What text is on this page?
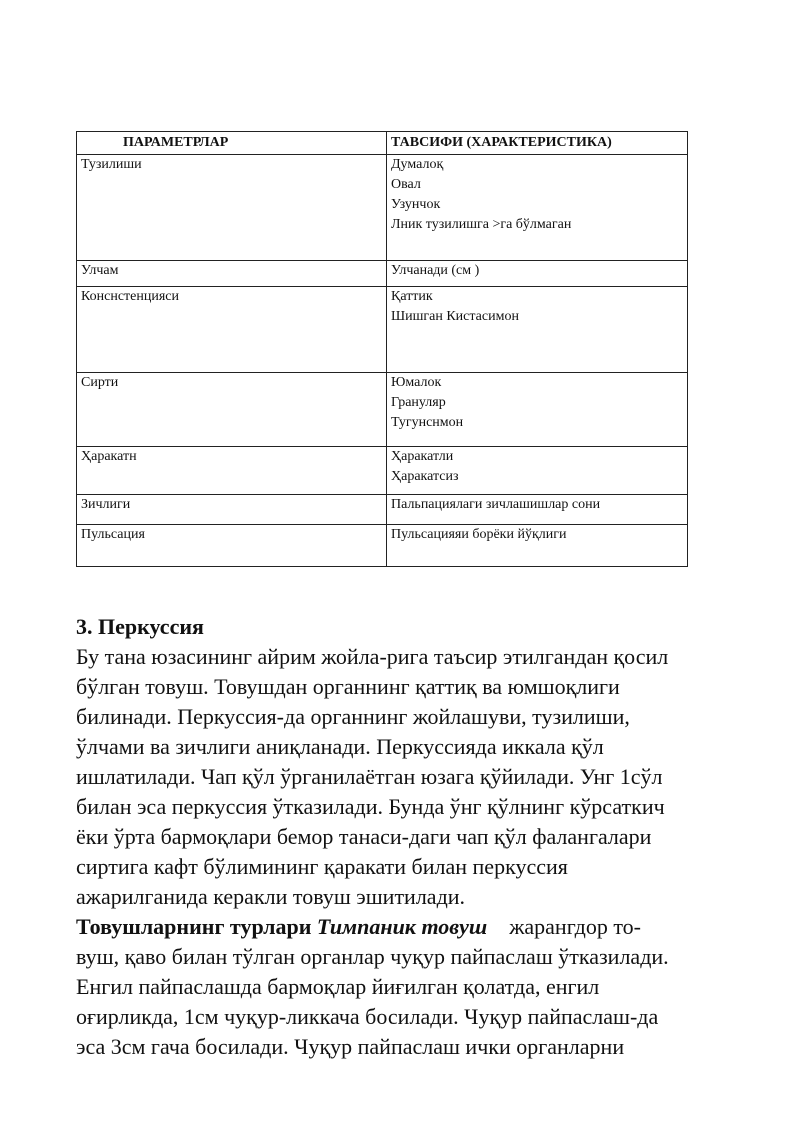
ПАРАМЕТРЛАР	ТАВСИФИ (ХАРАКТЕРИСТИКА)
Тузилиши	Думалоқ
Овал
Узунчок
Лник тузилишга >га бўлмаган

Улчам	Улчанади (см )

Конснстенцияси	Қаттик
Шишган Кистасимон

Сирти	Юмалок
Грануляр
Тугунснмон

Ҳаракатн	Ҳаракатли
Ҳаракатсиз

Зичлиги	Пальпациялаги зичлашишлар сони

Пульсация	Пульсацияяи борёки йўқлиги

3. Перкуссия

Бу тана юзасининг айрим жойла-рига таъсир этилгандан қосил

бўлган товуш. Товушдан органнинг қаттиқ ва юмшоқлиги

билинади. Перкуссия-да органнинг жойлашуви, тузилиши,

ўлчами ва зичлиги аниқланади. Перкуссияда иккала қўл

ишлатилади. Чап қўл ўрганилаётган юзага қўйилади. Унг 1сўл

билан эса перкуссия ўтказилади. Бунда ўнг қўлнинг кўрсаткич

ёки ўрта бармоқлари бемор танаси-даги чап қўл фалангалари

сиртига кафт бўлимининг қаракати билан перкуссия

ажарилганида керакли товуш эшитилади.

Товушларнинг турлари Тимпаник товуш жарангдор то-

вуш, қаво билан тўлган органлар чуқур пайпаслаш ўтказилади.

Енгил пайпаслашда бармоқлар йиғилган қолатда, енгил

оғирликда, 1см чуқур-ликкача босилади. Чуқур пайпаслаш-да

эса 3см гача босилади. Чуқур пайпаслаш ички органларни
